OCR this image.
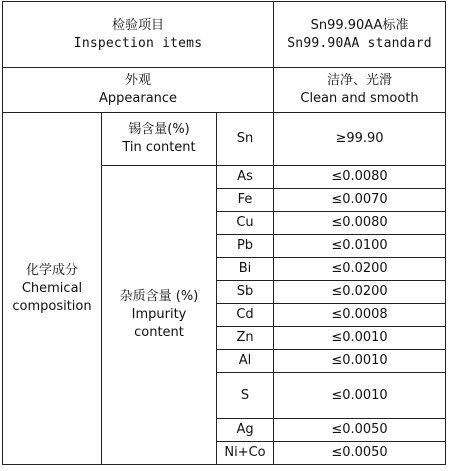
检验项目
Inspection items			Sn99.90AA标准
Sn99.90AA standard

外观
Appearance			洁净、光滑
Clean and smooth

化学成分
Chemical
composition	锡含量(%)
Tin content	Sn	≥99.90

	杂质含量 (%)
Impurity
content	As	≤0.0080
		Fe	≤0.0070
		Cu	≤0.0080
		Pb	≤0.0100
		Bi	≤0.0200
		Sb	≤0.0200
		Cd	≤0.0008
		Zn	≤0.0010
		Al	≤0.0010
		S	≤0.0010
		Ag	≤0.0050
		Ni+Co	≤0.0050
